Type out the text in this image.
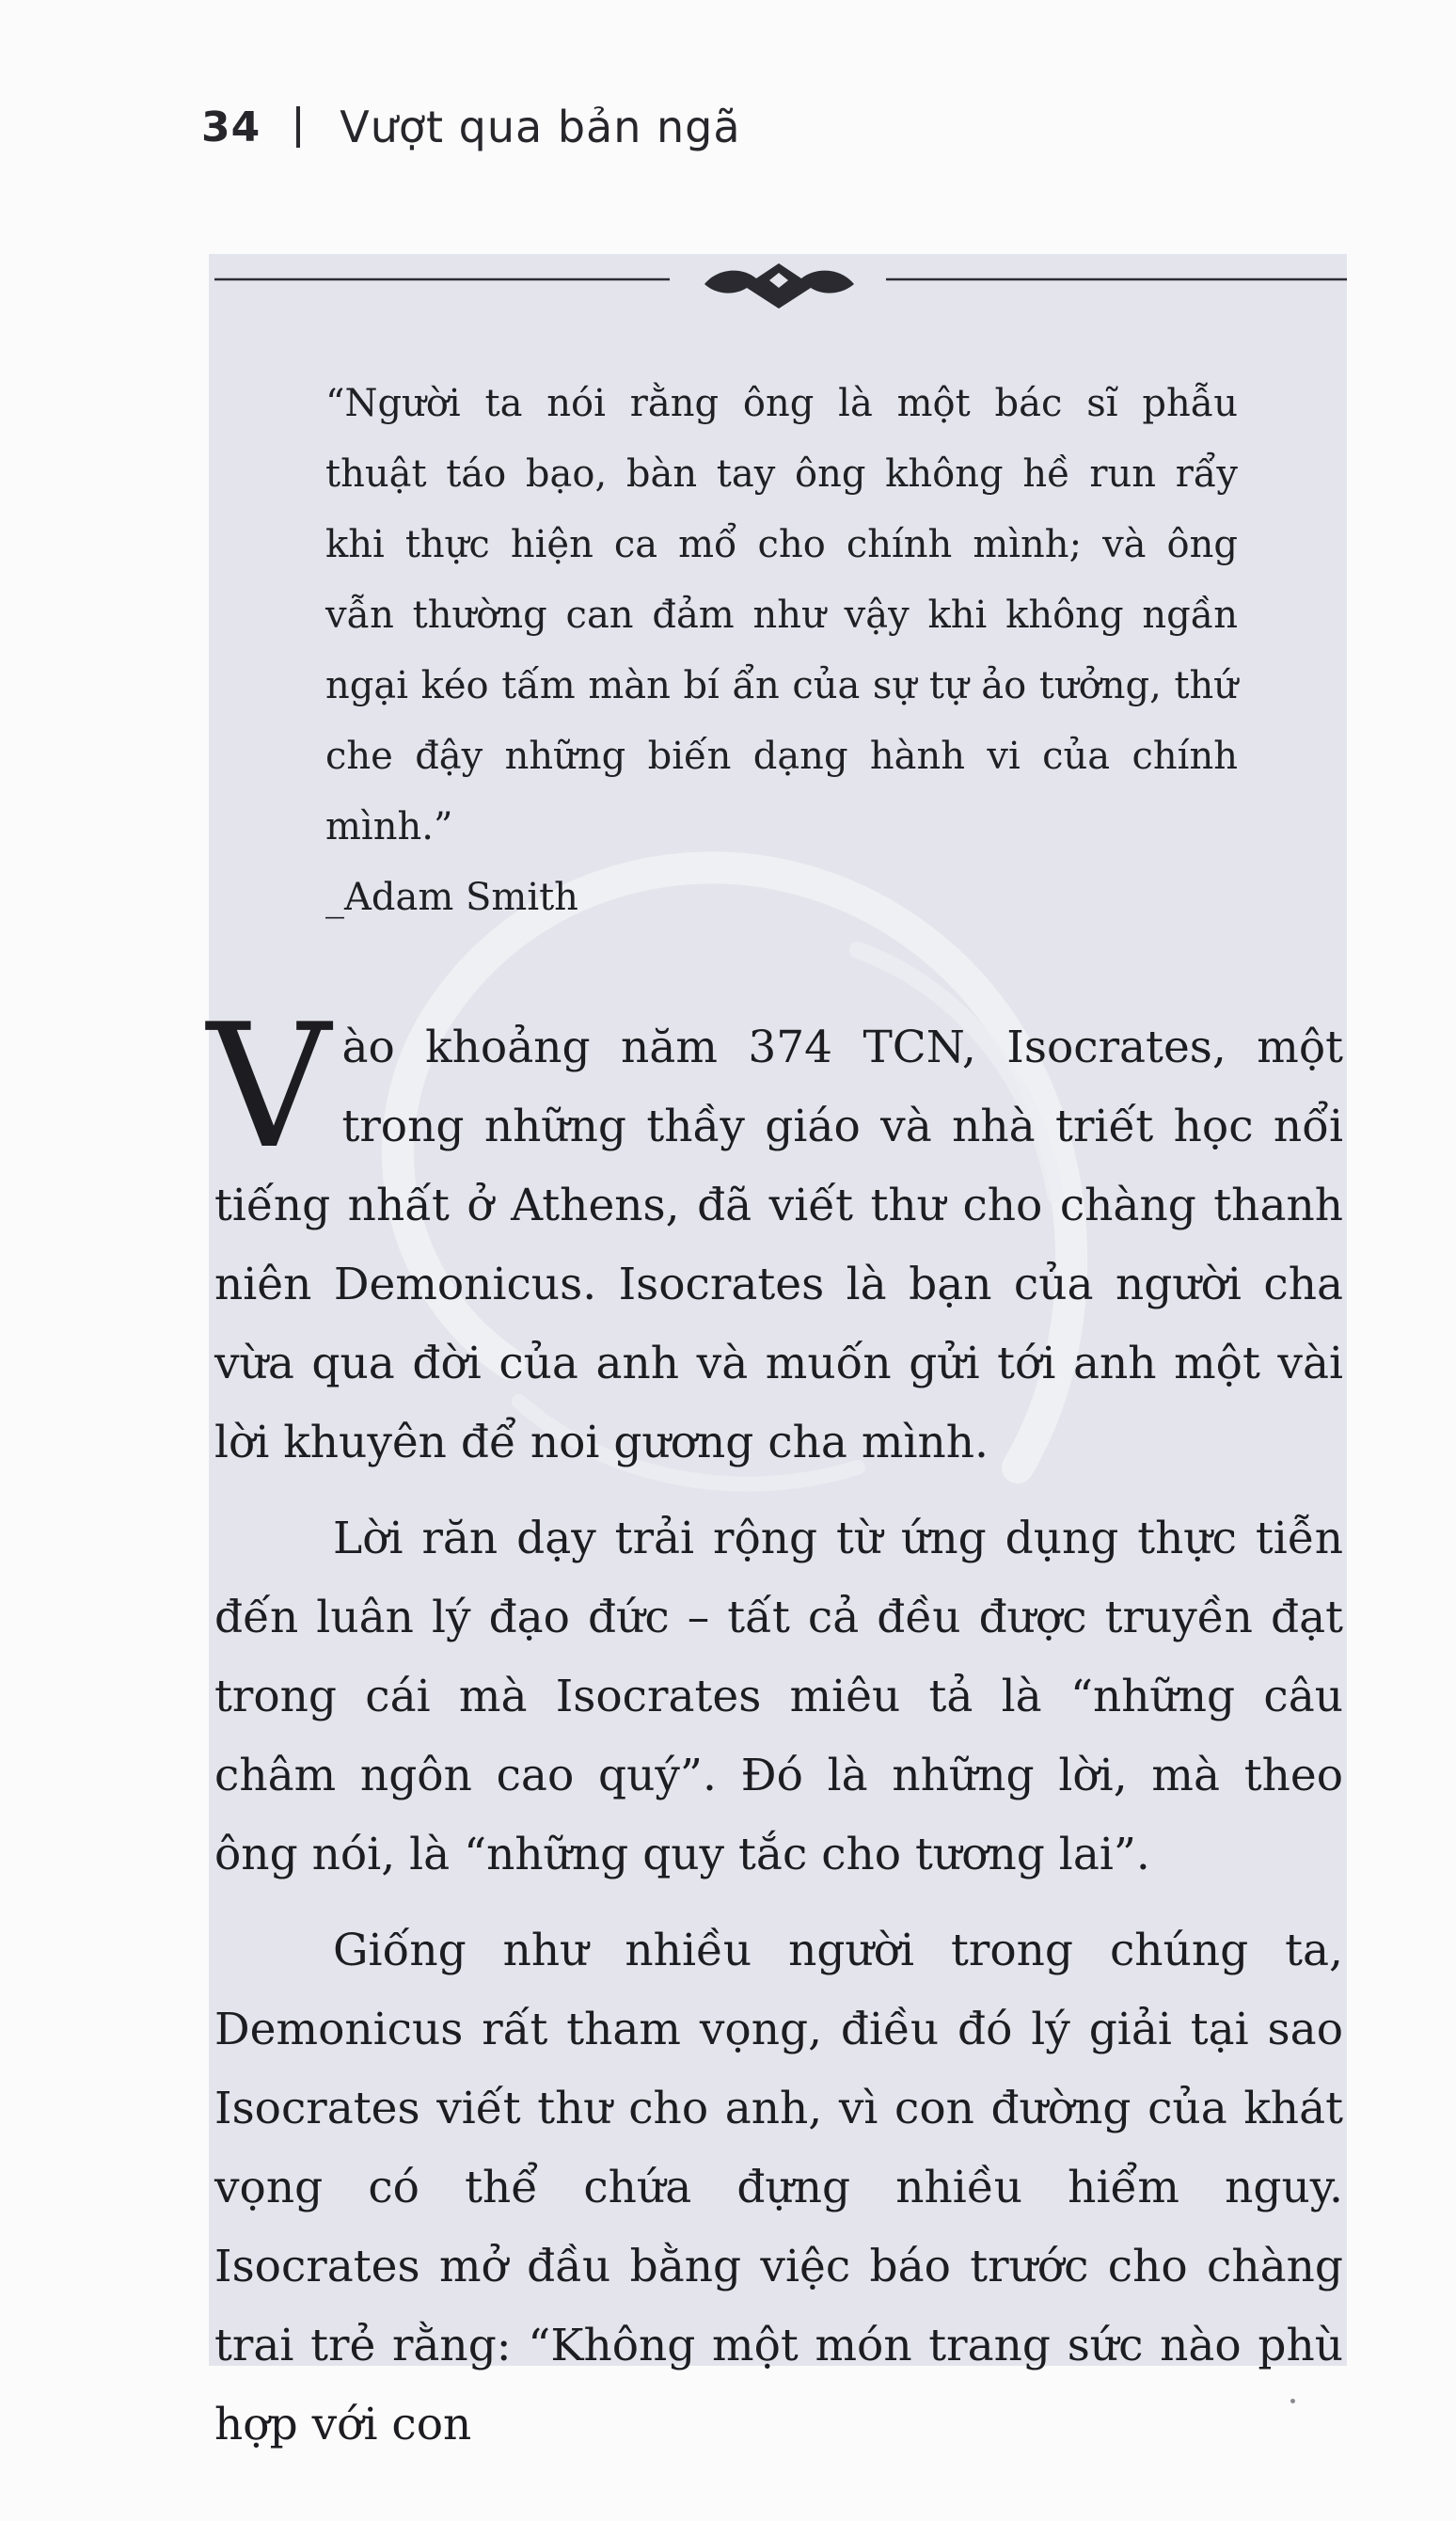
34 Vượt qua bản ngã

“Người ta nói rằng ông là một bác sĩ phẫu thuật táo bạo, bàn tay ông không hề run rẩy khi thực hiện ca mổ cho chính mình; và ông vẫn thường can đảm như vậy khi không ngần ngại kéo tấm màn bí ẩn của sự tự ảo tưởng, thứ che đậy những biến dạng hành vi của chính mình.”

_Adam Smith

Vào khoảng năm 374 TCN, Isocrates, một trong những thầy giáo và nhà triết học nổi tiếng nhất ở Athens, đã viết thư cho chàng thanh niên Demonicus. Isocrates là bạn của người cha vừa qua đời của anh và muốn gửi tới anh một vài lời khuyên để noi gương cha mình.

Lời răn dạy trải rộng từ ứng dụng thực tiễn đến luân lý đạo đức – tất cả đều được truyền đạt trong cái mà Isocrates miêu tả là “những câu châm ngôn cao quý”. Đó là những lời, mà theo ông nói, là “những quy tắc cho tương lai”.

Giống như nhiều người trong chúng ta, Demonicus rất tham vọng, điều đó lý giải tại sao Isocrates viết thư cho anh, vì con đường của khát vọng có thể chứa đựng nhiều hiểm nguy. Isocrates mở đầu bằng việc báo trước cho chàng trai trẻ rằng: “Không một món trang sức nào phù hợp với con
